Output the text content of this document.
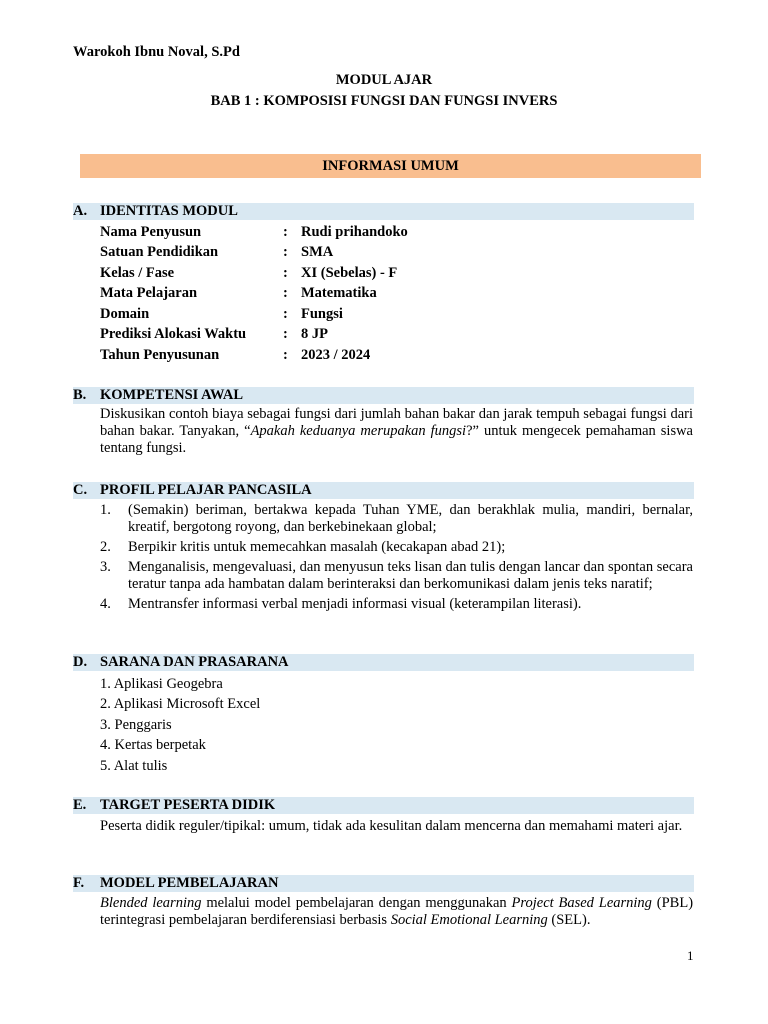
Warokoh Ibnu Noval, S.Pd
MODUL AJAR
BAB 1 : KOMPOSISI FUNGSI DAN FUNGSI INVERS
INFORMASI UMUM
A. IDENTITAS MODUL
Nama Penyusun	: Rudi prihandoko
Satuan Pendidikan	: SMA
Kelas / Fase	: XI (Sebelas) - F
Mata Pelajaran	: Matematika
Domain	: Fungsi
Prediksi Alokasi Waktu	: 8 JP
Tahun Penyusunan	: 2023 / 2024
B. KOMPETENSI AWAL
Diskusikan contoh biaya sebagai fungsi dari jumlah bahan bakar dan jarak tempuh sebagai fungsi dari bahan bakar. Tanyakan, “Apakah keduanya merupakan fungsi?” untuk mengecek pemahaman siswa tentang fungsi.
C. PROFIL PELAJAR PANCASILA
1. (Semakin) beriman, bertakwa kepada Tuhan YME, dan berakhlak mulia, mandiri, bernalar, kreatif, bergotong royong, dan berkebinekaan global;
2. Berpikir kritis untuk memecahkan masalah (kecakapan abad 21);
3. Menganalisis, mengevaluasi, dan menyusun teks lisan dan tulis dengan lancar dan spontan secara teratur tanpa ada hambatan dalam berinteraksi dan berkomunikasi dalam jenis teks naratif;
4. Mentransfer informasi verbal menjadi informasi visual (keterampilan literasi).
D. SARANA DAN PRASARANA
1. Aplikasi Geogebra
2. Aplikasi Microsoft Excel
3. Penggaris
4. Kertas berpetak
5. Alat tulis
E. TARGET PESERTA DIDIK
Peserta didik reguler/tipikal: umum, tidak ada kesulitan dalam mencerna dan memahami materi ajar.
F. MODEL PEMBELAJARAN
Blended learning melalui model pembelajaran dengan menggunakan Project Based Learning (PBL) terintegrasi pembelajaran berdiferensiasi berbasis Social Emotional Learning (SEL).
1
